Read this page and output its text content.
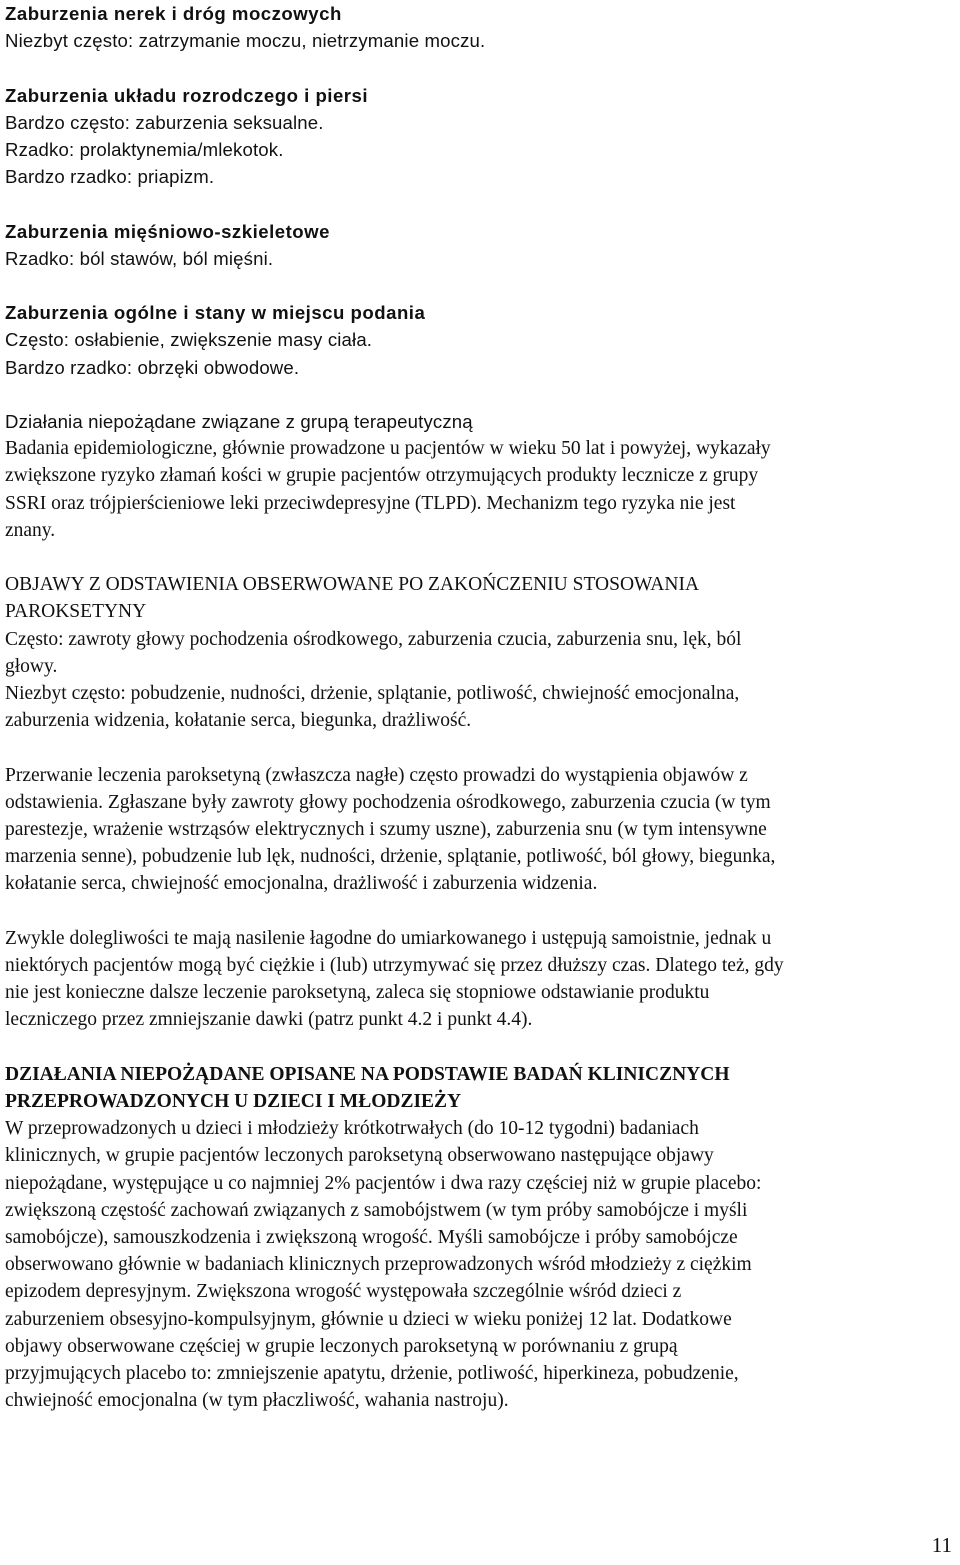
Zaburzenia nerek i dróg moczowych
Niezbyt często: zatrzymanie moczu, nietrzymanie moczu.
Zaburzenia układu rozrodczego i piersi
Bardzo często: zaburzenia seksualne.
Rzadko: prolaktynemia/mlekotok.
Bardzo rzadko: priapizm.
Zaburzenia mięśniowo-szkieletowe
Rzadko: ból stawów, ból mięśni.
Zaburzenia ogólne i stany w miejscu podania
Często: osłabienie, zwiększenie masy ciała.
Bardzo rzadko: obrzęki obwodowe.
Działania niepożądane związane z grupą terapeutyczną
Badania epidemiologiczne, głównie prowadzone u pacjentów w wieku 50 lat i powyżej, wykazały
zwiększone ryzyko złamań kości w grupie pacjentów otrzymujących produkty lecznicze z grupy
SSRI oraz trójpierścieniowe leki przeciwdepresyjne (TLPD). Mechanizm tego ryzyka nie jest
znany.
OBJAWY Z ODSTAWIENIA OBSERWOWANE PO ZAKOŃCZENIU STOSOWANIA
PAROKSETYNY
Często: zawroty głowy pochodzenia ośrodkowego, zaburzenia czucia, zaburzenia snu, lęk, ból
głowy.
Niezbyt często: pobudzenie, nudności, drżenie, splątanie, potliwość, chwiejność emocjonalna,
zaburzenia widzenia, kołatanie serca, biegunka, drażliwość.
Przerwanie leczenia paroksetyną (zwłaszcza nagłe) często prowadzi do wystąpienia objawów z
odstawienia. Zgłaszane były zawroty głowy pochodzenia ośrodkowego, zaburzenia czucia (w tym
parestezje, wrażenie wstrząsów elektrycznych i szumy uszne), zaburzenia snu (w tym intensywne
marzenia senne), pobudzenie lub lęk, nudności, drżenie, splątanie, potliwość, ból głowy, biegunka,
kołatanie serca, chwiejność emocjonalna, drażliwość i zaburzenia widzenia.
Zwykle dolegliwości te mają nasilenie łagodne do umiarkowanego i ustępują samoistnie, jednak u
niektórych pacjentów mogą być ciężkie i (lub) utrzymywać się przez dłuższy czas. Dlatego też, gdy
nie jest konieczne dalsze leczenie paroksetyną, zaleca się stopniowe odstawianie produktu
leczniczego przez zmniejszanie dawki (patrz punkt 4.2 i punkt 4.4).
DZIAŁANIA NIEPOŻĄDANE OPISANE NA PODSTAWIE BADAŃ KLINICZNYCH
PRZEPROWADZONYCH U DZIECI I MŁODZIEŻY
W przeprowadzonych u dzieci i młodzieży krótkotrwałych (do 10-12 tygodni) badaniach
klinicznych, w grupie pacjentów leczonych paroksetyną obserwowano następujące objawy
niepożądane, występujące u co najmniej 2% pacjentów i dwa razy częściej niż w grupie placebo:
zwiększoną częstość zachowań związanych z samobójstwem (w tym próby samobójcze i myśli
samobójcze), samouszkodzenia i zwiększoną wrogość. Myśli samobójcze i próby samobójcze
obserwowano głównie w badaniach klinicznych przeprowadzonych wśród młodzieży z ciężkim
epizodem depresyjnym. Zwiększona wrogość występowała szczególnie wśród dzieci z
zaburzeniem obsesyjno-kompulsyjnym, głównie u dzieci w wieku poniżej 12 lat. Dodatkowe
objawy obserwowane częściej w grupie leczonych paroksetyną w porównaniu z grupą
przyjmujących placebo to: zmniejszenie apatytu, drżenie, potliwość, hiperkineza, pobudzenie,
chwiejność emocjonalna (w tym płaczliwość, wahania nastroju).
11
